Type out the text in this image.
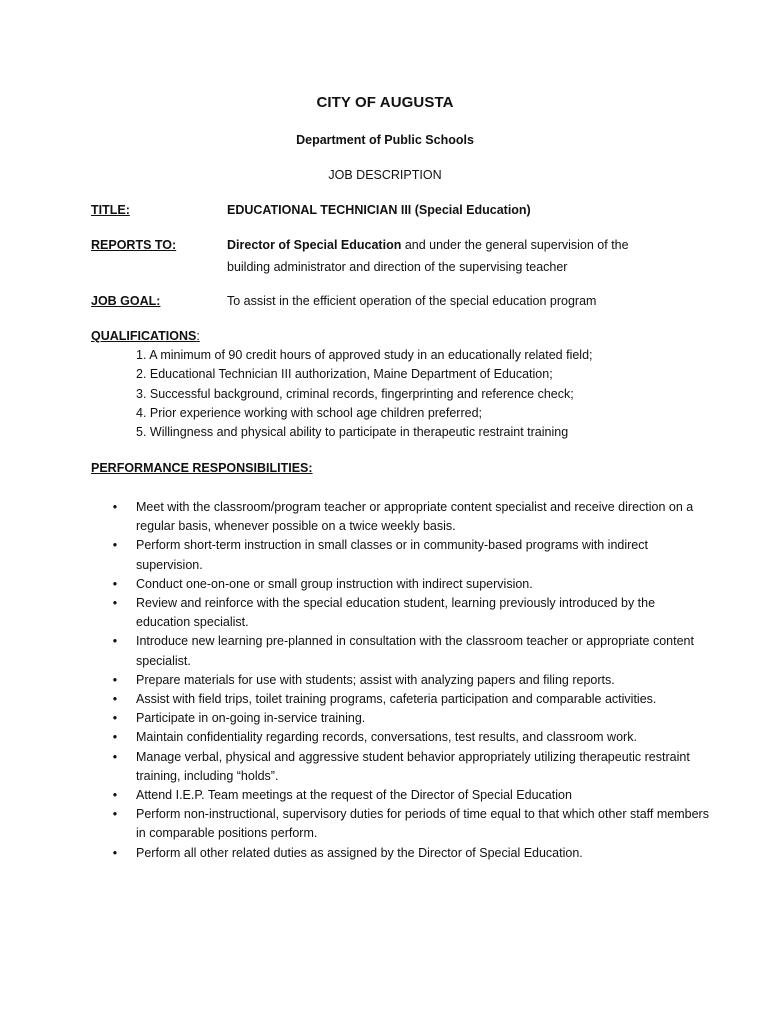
CITY OF AUGUSTA
Department of Public Schools
JOB DESCRIPTION
TITLE:	EDUCATIONAL TECHNICIAN III (Special Education)
REPORTS TO:	Director of Special Education and under the general supervision of the
building administrator and direction of the supervising teacher
JOB GOAL:	To assist in the efficient operation of the special education program
QUALIFICATIONS:
1. A minimum of 90 credit hours of approved study in an educationally related field;
2. Educational Technician III authorization, Maine Department of Education;
3. Successful background, criminal records, fingerprinting and reference check;
4. Prior experience working with school age children preferred;
5. Willingness and physical ability to participate in therapeutic restraint training
PERFORMANCE RESPONSIBILITIES:
• Meet with the classroom/program teacher or appropriate content specialist and receive direction on a regular basis, whenever possible on a twice weekly basis.
• Perform short-term instruction in small classes or in community-based programs with indirect supervision.
• Conduct one-on-one or small group instruction with indirect supervision.
• Review and reinforce with the special education student, learning previously introduced by the education specialist.
• Introduce new learning pre-planned in consultation with the classroom teacher or appropriate content specialist.
• Prepare materials for use with students; assist with analyzing papers and filing reports.
• Assist with field trips, toilet training programs, cafeteria participation and comparable activities.
• Participate in on-going in-service training.
• Maintain confidentiality regarding records, conversations, test results, and classroom work.
• Manage verbal, physical and aggressive student behavior appropriately utilizing therapeutic restraint training, including “holds”.
• Attend I.E.P. Team meetings at the request of the Director of Special Education
• Perform non-instructional, supervisory duties for periods of time equal to that which other staff members in comparable positions perform.
• Perform all other related duties as assigned by the Director of Special Education.
